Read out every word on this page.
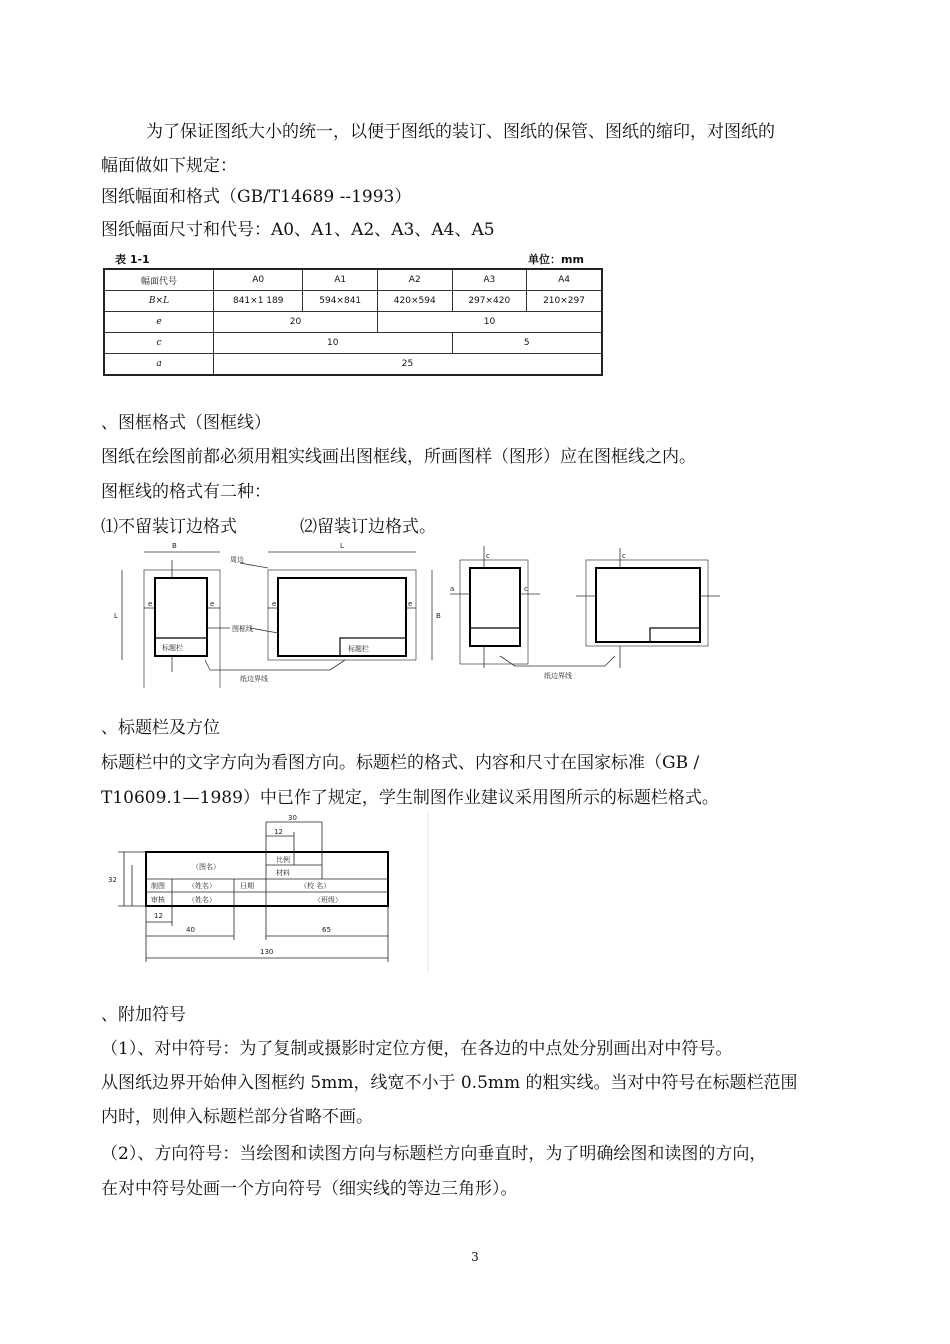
为了保证图纸大小的统一，以便于图纸的装订、图纸的保管、图纸的缩印，对图纸的
幅面做如下规定：
图纸幅面和格式（GB/T14689 --1993）
图纸幅面尺寸和代号：A0、A1、A2、A3、A4、A5
表 1-1	单位：mm
幅面代号	A0	A1	A2	A3	A4
B×L	841×1 189	594×841	420×594	297×420	210×297
e	20		10		
c	10			5	
a	25				
、图框格式（图框线）
图纸在绘图前都必须用粗实线画出图框线，所画图样（图形）应在图框线之内。
图框线的格式有二种：
⑴不留装订边格式	⑵留装订边格式。
B	L
L	B
e	e	e	e
a	c
c	c
周边
图框线
标题栏	标题栏
纸边界线	纸边界线
、标题栏及方位
标题栏中的文字方向为看图方向。标题栏的格式、内容和尺寸在国家标准（GB /
T10609.1—1989）中已作了规定，学生制图作业建议采用图所示的标题栏格式。
（图名）
比例
材料
制图
审核
（姓名）
（姓名）
日期	（校 名）
（班级）
30
12
32
12
40	65
130
、附加符号
（1）、对中符号：为了复制或摄影时定位方便，在各边的中点处分别画出对中符号。
从图纸边界开始伸入图框约 5mm，线宽不小于 0.5mm 的粗实线。当对中符号在标题栏范围
内时，则伸入标题栏部分省略不画。
（2）、方向符号：当绘图和读图方向与标题栏方向垂直时，为了明确绘图和读图的方向，
在对中符号处画一个方向符号（细实线的等边三角形）。
3
